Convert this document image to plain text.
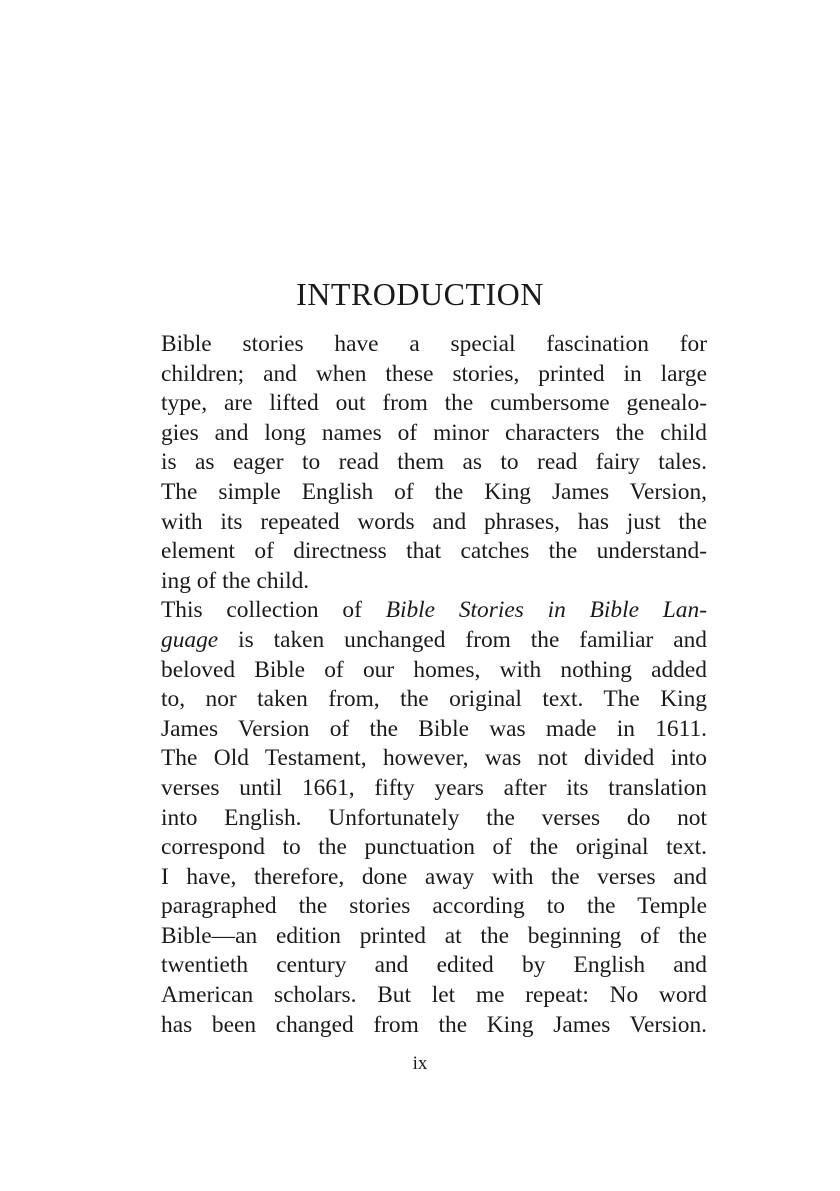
INTRODUCTION

Bible stories have a special fascination for
children; and when these stories, printed in large
type, are lifted out from the cumbersome genealo-
gies and long names of minor characters the child
is as eager to read them as to read fairy tales.
The simple English of the King James Version,
with its repeated words and phrases, has just the
element of directness that catches the understand-
ing of the child.

This collection of Bible Stories in Bible Lan-
guage is taken unchanged from the familiar and
beloved Bible of our homes, with nothing added
to, nor taken from, the original text. The King
James Version of the Bible was made in 1611.
The Old Testament, however, was not divided into
verses until 1661, fifty years after its translation
into English. Unfortunately the verses do not
correspond to the punctuation of the original text.
I have, therefore, done away with the verses and
paragraphed the stories according to the Temple
Bible—an edition printed at the beginning of the
twentieth century and edited by English and
American scholars. But let me repeat: No word
has been changed from the King James Version.

ix
